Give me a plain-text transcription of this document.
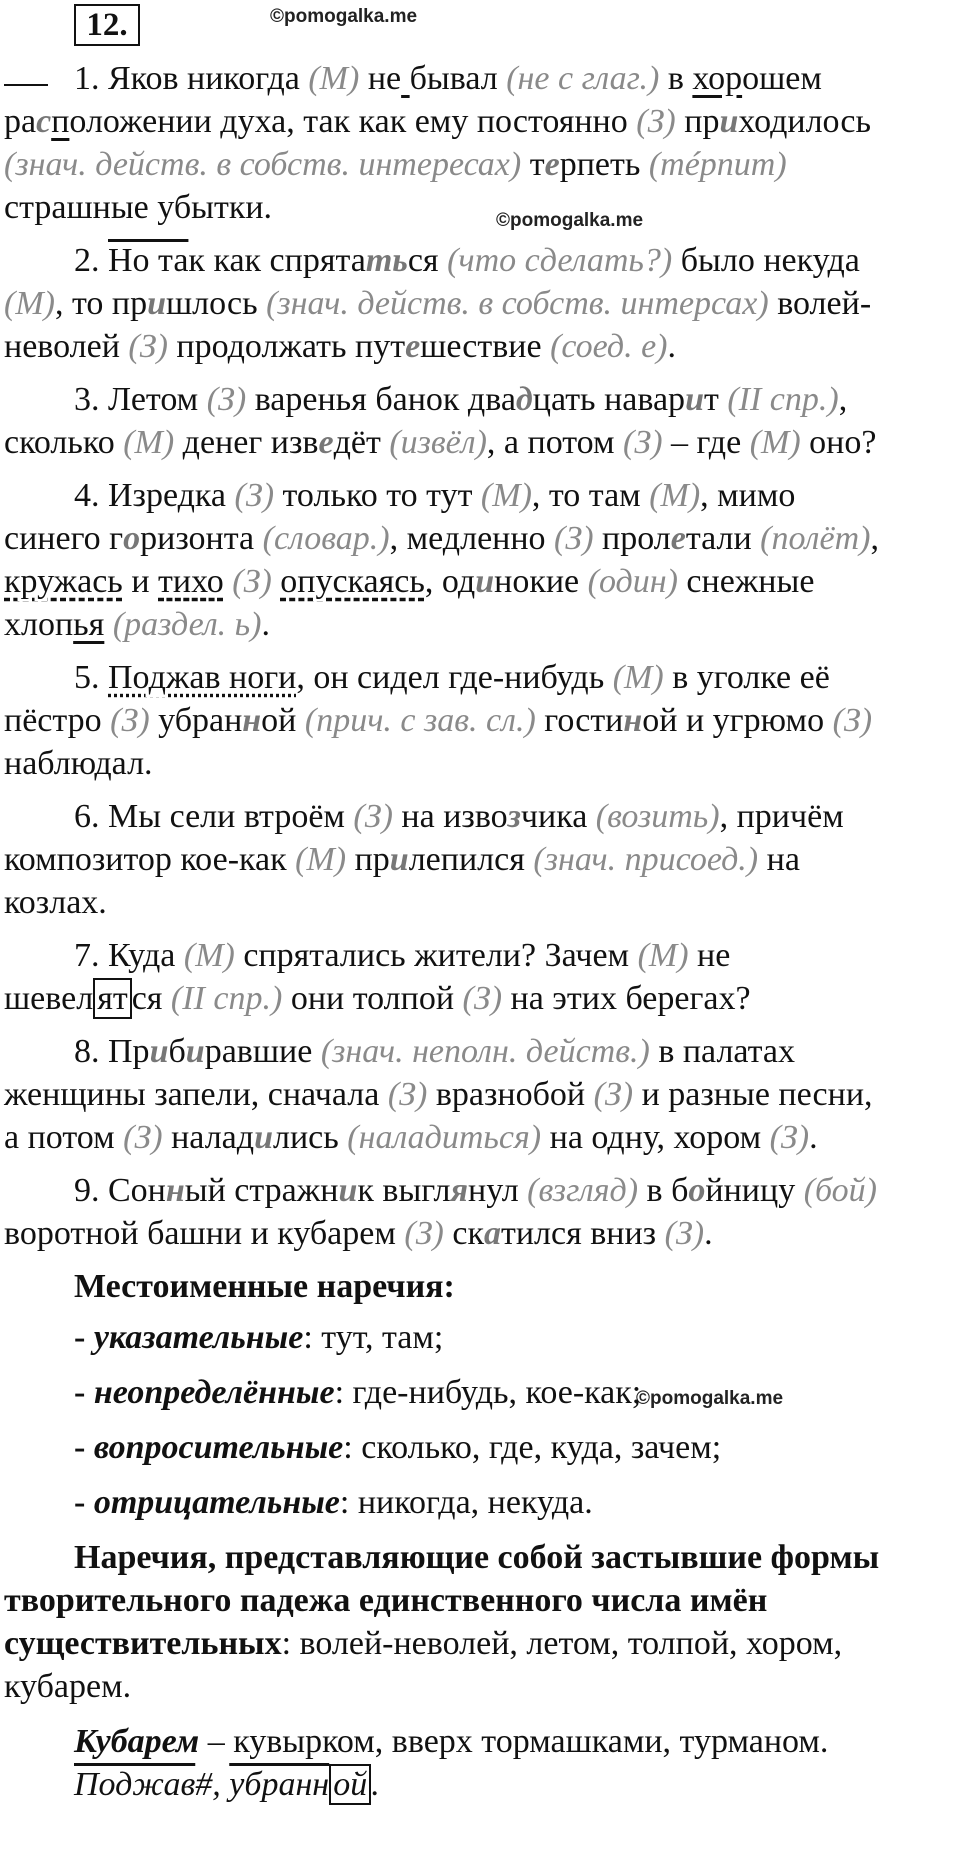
12.	©pomogalka.me
©pomogalka.me
©pomogalka.me
1. Яков никогда (М) не бывал (не с глаг.) в хорошем
расположении духа, так как ему постоянно (З) приходилось
(знач. действ. в собств. интересах) терпеть (тéрпит)
страшные убытки.
2. Но так как спрятаться (что сделать?) было некуда
(М), то пришлось (знач. действ. в собств. интерсах) волей-
неволей (З) продолжать путешествие (соед. е).
3. Летом (З) варенья банок двадцать наварит (II спр.),
сколько (М) денег изведёт (извёл), а потом (З) – где (М) оно?
4. Изредка (З) только то тут (М), то там (М), мимо
синего горизонта (словар.), медленно (З) пролетали (полёт),
кружась и тихо (З) опускаясь, одинокие (один) снежные
хлопья (раздел. ь).
5. Поджав ноги, он сидел где-нибудь (М) в уголке её
пёстро (З) убранной (прич. с зав. сл.) гостиной и угрюмо (З)
наблюдал.
6. Мы сели втроём (З) на извозчика (возить), причём
композитор кое-как (М) прилепился (знач. присоед.) на
козлах.
7. Куда (М) спрятались жители? Зачем (М) не
шевел ят ся (II спр.) они толпой (З) на этих берегах?
8. Прибиравшие (знач. неполн. действ.) в палатах
женщины запели, сначала (З) вразнобой (З) и разные песни,
а потом (З) наладились (наладиться) на одну, хором (З).
9. Сонный стражник выглянул (взгляд) в бойницу (бой)
воротной башни и кубарем (З) скатился вниз (З).
Местоименные наречия:
- указательные: тут, там;
- неопределённые: где-нибудь, кое-как;
- вопросительные: сколько, где, куда, зачем;
- отрицательные: никогда, некуда.

Наречия, представляющие собой застывшие формы

творительного падежа единственного числа имён

существительных: волей-неволей, летом, толпой, хором,

кубарем.

Кубарем – кувырком, вверх тормашками, турманом.

Поджав#, убранн ой .
